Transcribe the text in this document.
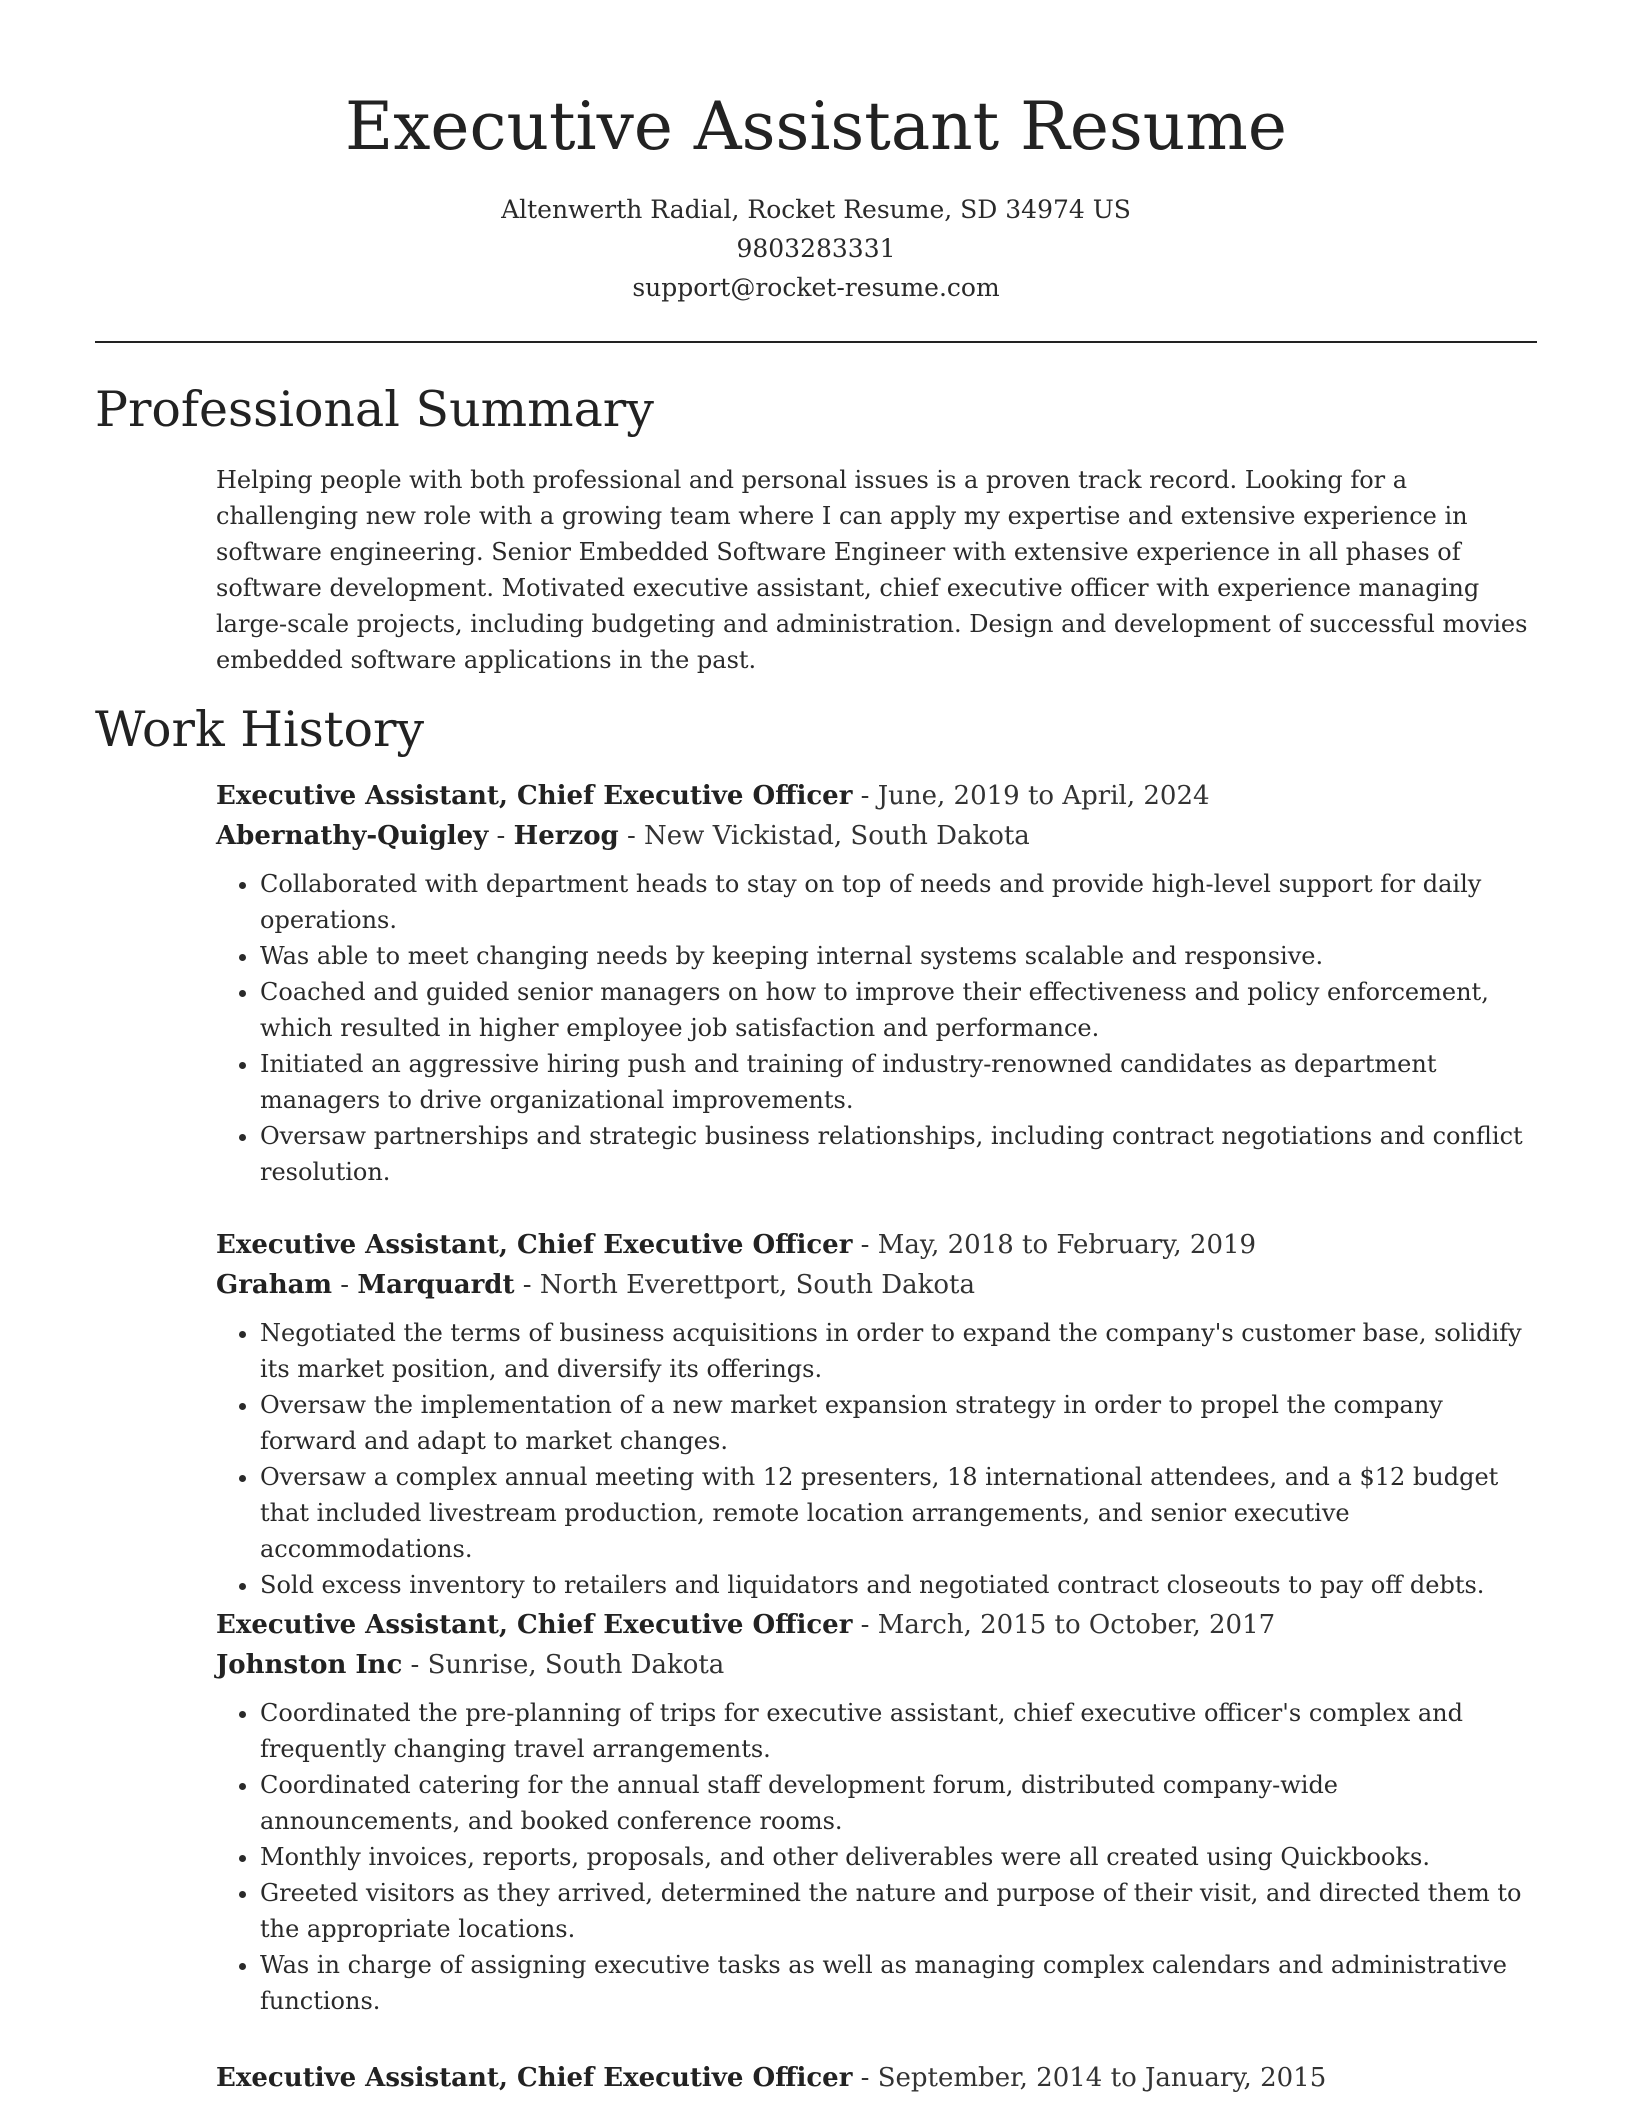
Executive Assistant Resume
Altenwerth Radial, Rocket Resume, SD 34974 US
9803283331
support@rocket-resume.com
Professional Summary

Helping people with both professional and personal issues is a proven track record. Looking for a challenging new role with a growing team where I can apply my expertise and extensive experience in software engineering. Senior Embedded Software Engineer with extensive experience in all phases of software development. Motivated executive assistant, chief executive officer with experience managing large-scale projects, including budgeting and administration. Design and development of successful movies embedded software applications in the past.

Work History
Executive Assistant, Chief Executive Officer - June, 2019 to April, 2024
Abernathy-Quigley - Herzog - New Vickistad, South Dakota
• Collaborated with department heads to stay on top of needs and provide high-level support for daily operations.
• Was able to meet changing needs by keeping internal systems scalable and responsive.
• Coached and guided senior managers on how to improve their effectiveness and policy enforcement, which resulted in higher employee job satisfaction and performance.
• Initiated an aggressive hiring push and training of industry-renowned candidates as department managers to drive organizational improvements.
• Oversaw partnerships and strategic business relationships, including contract negotiations and conflict resolution.
Executive Assistant, Chief Executive Officer - May, 2018 to February, 2019
Graham - Marquardt - North Everettport, South Dakota
• Negotiated the terms of business acquisitions in order to expand the company's customer base, solidify its market position, and diversify its offerings.
• Oversaw the implementation of a new market expansion strategy in order to propel the company forward and adapt to market changes.
• Oversaw a complex annual meeting with 12 presenters, 18 international attendees, and a $12 budget that included livestream production, remote location arrangements, and senior executive accommodations.
• Sold excess inventory to retailers and liquidators and negotiated contract closeouts to pay off debts.
Executive Assistant, Chief Executive Officer - March, 2015 to October, 2017
Johnston Inc - Sunrise, South Dakota
• Coordinated the pre-planning of trips for executive assistant, chief executive officer's complex and frequently changing travel arrangements.
• Coordinated catering for the annual staff development forum, distributed company-wide announcements, and booked conference rooms.
• Monthly invoices, reports, proposals, and other deliverables were all created using Quickbooks.
• Greeted visitors as they arrived, determined the nature and purpose of their visit, and directed them to the appropriate locations.
• Was in charge of assigning executive tasks as well as managing complex calendars and administrative functions.
Executive Assistant, Chief Executive Officer - September, 2014 to January, 2015
